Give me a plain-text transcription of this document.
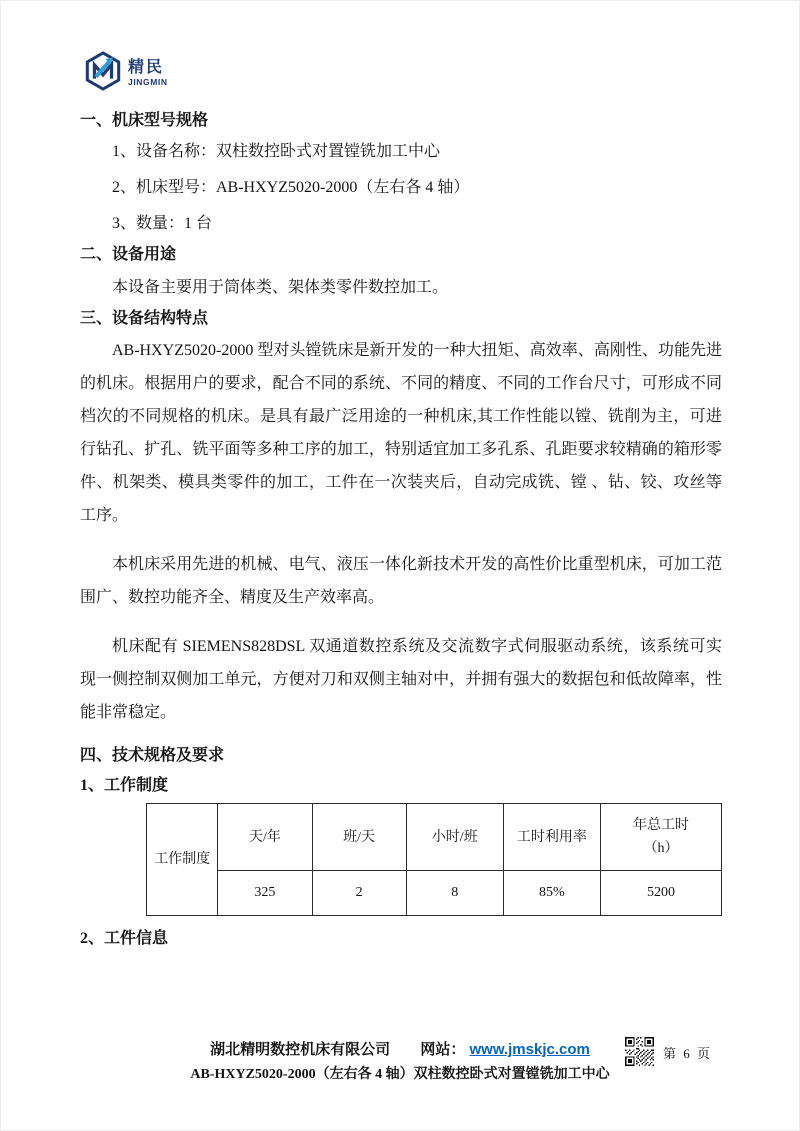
精民
JINGMIN
一、机床型号规格
1、设备名称：双柱数控卧式对置镗铣加工中心
2、机床型号：AB-HXYZ5020-2000（左右各 4 轴）
3、数量：1 台
二、设备用途
本设备主要用于筒体类、架体类零件数控加工。
三、设备结构特点

AB-HXYZ5020-2000 型对头镗铣床是新开发的一种大扭矩、高效率、高刚性、功能先进的机床。根据用户的要求，配合不同的系统、不同的精度、不同的工作台尺寸，可形成不同档次的不同规格的机床。是具有最广泛用途的一种机床,其工作性能以镗、铣削为主，可进行钻孔、扩孔、铣平面等多种工序的加工，特别适宜加工多孔系、孔距要求较精确的箱形零件、机架类、模具类零件的加工，工件在一次装夹后，自动完成铣、镗 、钻、铰、攻丝等工序。

本机床采用先进的机械、电气、液压一体化新技术开发的高性价比重型机床，可加工范围广、数控功能齐全、精度及生产效率高。

机床配有 SIEMENS828DSL 双通道数控系统及交流数字式伺服驱动系统，该系统可实现一侧控制双侧加工单元，方便对刀和双侧主轴对中，并拥有强大的数据包和低故障率，性能非常稳定。

四、技术规格及要求
1、工作制度
工作制度	天/年	班/天	小时/班	工时利用率	年总工时
（h）

	325	2	8	85%	5200
2、工件信息
湖北精明数控机床有限公司 网站： www.jmskjc.com
AB-HXYZ5020-2000（左右各 4 轴）双柱数控卧式对置镗铣加工中心
第 6 页
